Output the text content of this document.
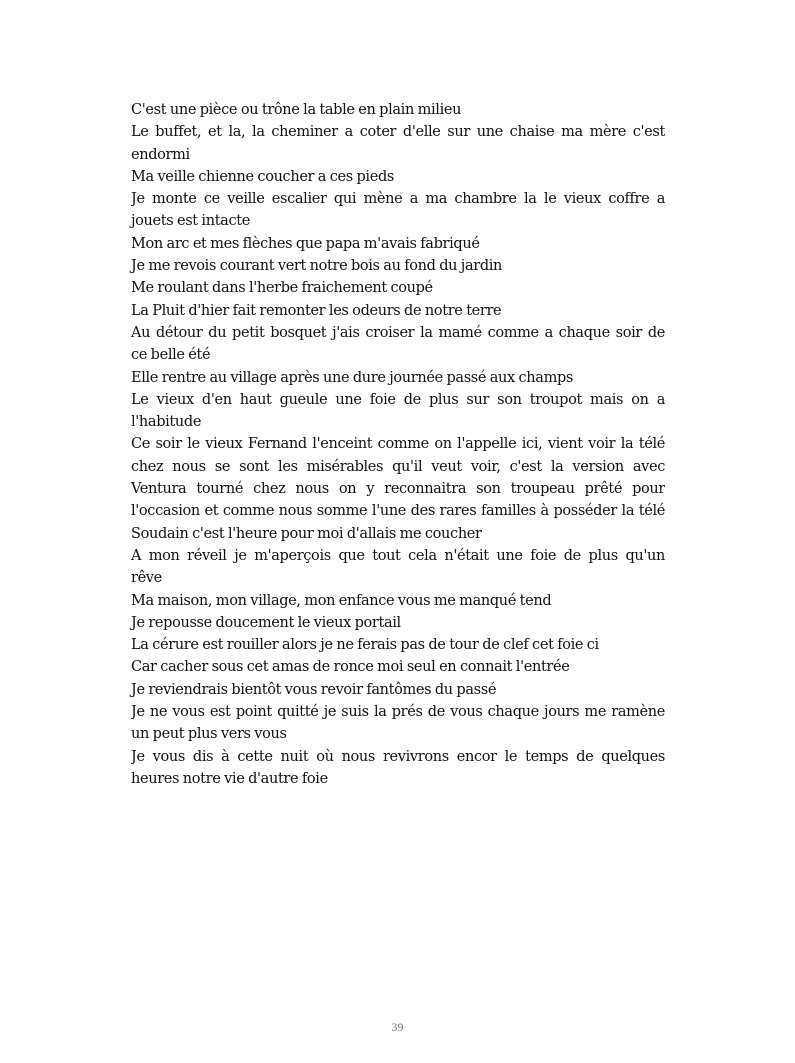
C'est une pièce ou trône la table en plain milieu
Le buffet, et la, la cheminer a coter d'elle sur une chaise ma mère c'est
endormi
Ma veille chienne coucher a ces pieds
Je monte ce veille escalier qui mène a ma chambre la le vieux coffre a
jouets est intacte
Mon arc et mes flèches que papa m'avais fabriqué
Je me revois courant vert notre bois au fond du jardin
Me roulant dans l'herbe fraichement coupé
La Pluit d'hier fait remonter les odeurs de notre terre
Au détour du petit bosquet j'ais croiser la mamé comme a chaque soir de
ce belle été
Elle rentre au village après une dure journée passé aux champs
Le vieux d'en haut gueule une foie de plus sur son troupot mais on a
l'habitude
Ce soir le vieux Fernand l'enceint comme on l'appelle ici, vient voir la télé
chez nous se sont les misérables qu'il veut voir, c'est la version avec
Ventura tourné chez nous on y reconnaitra son troupeau prêté pour
l'occasion et comme nous somme l'une des rares familles à posséder la télé
Soudain c'est l'heure pour moi d'allais me coucher
A mon réveil je m'aperçois que tout cela n'était une foie de plus qu'un
rêve
Ma maison, mon village, mon enfance vous me manqué tend
Je repousse doucement le vieux portail
La cérure est rouiller alors je ne ferais pas de tour de clef cet foie ci
Car cacher sous cet amas de ronce moi seul en connait l'entrée
Je reviendrais bientôt vous revoir fantômes du passé
Je ne vous est point quitté je suis la prés de vous chaque jours me ramène
un peut plus vers vous
Je vous dis à cette nuit où nous revivrons encor le temps de quelques
heures notre vie d'autre foie
39
